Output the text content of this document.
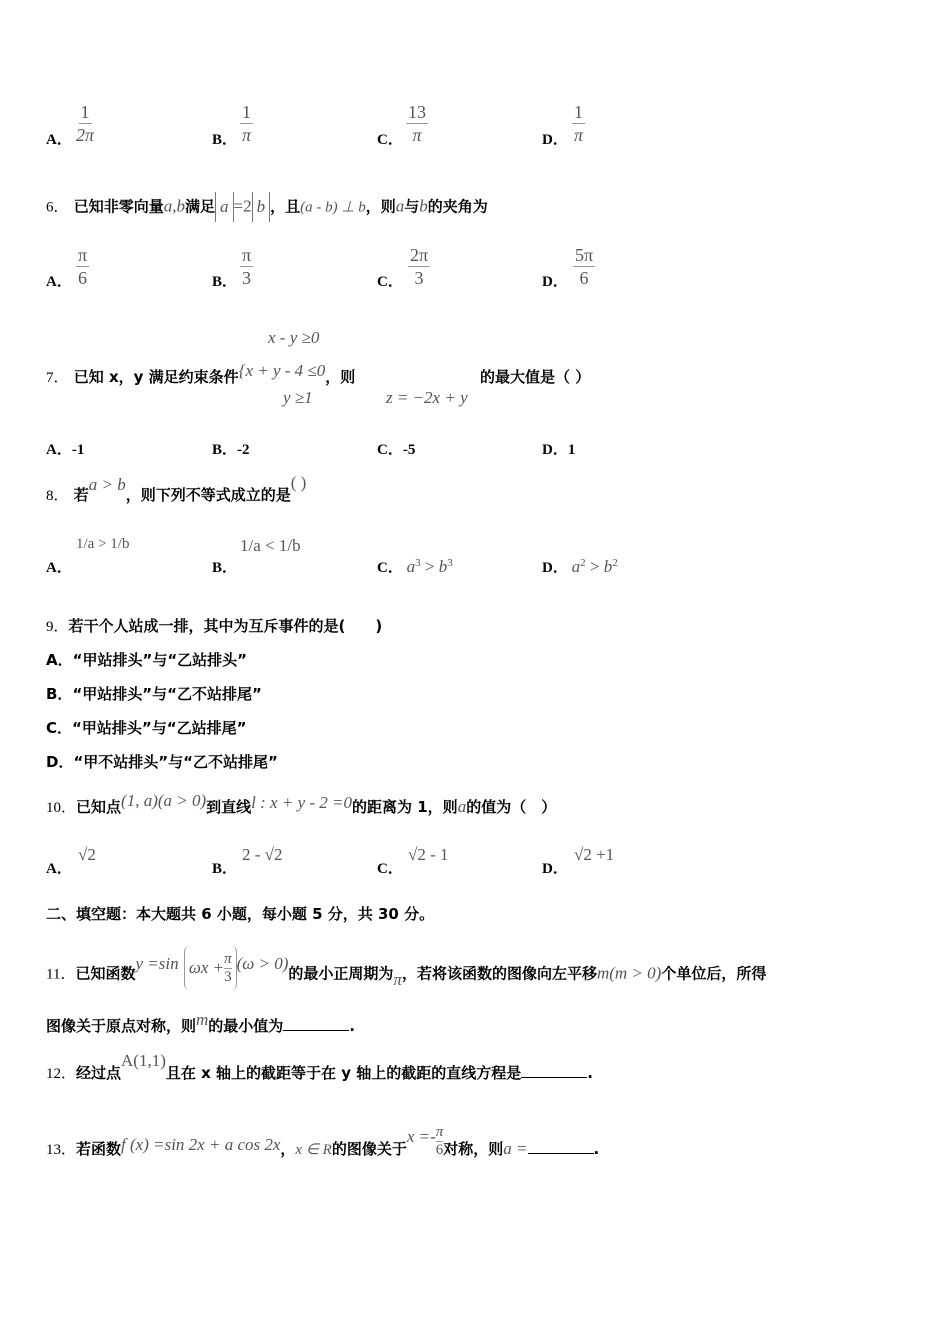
A． $\frac{1}{2\pi}$	B． $\frac{1}{\pi}$	C． $\frac{13}{\pi}$	D． $\frac{1}{\pi}$
6． 已知非零向量a,b满足 a =2 b ，且(a - b) ⊥ b，则a与b的夹角为
A． $\frac{\pi}{6}$	B． $\frac{\pi}{3}$	C． $\frac{2\pi}{3}$	D． $\frac{5\pi}{6}$
x - y ≥0
7． 已知 x，y 满足约束条件{x + y - 4 ≤0，则	的最大值是（ ）
y ≥1	z = −2x + y
A．-1	B．-2	C．-5	D．1
8． 若a > b，则下列不等式成立的是( )
A．
1/a > 1/b
B．
1/a < 1/b
C． $a^3 > b^3$	D． $a^2 > b^2$
9．若干个人站成一排，其中为互斥事件的是(　　)
A．“甲站排头”与“乙站排头”
B．“甲站排头”与“乙不站排尾”
C．“甲站排头”与“乙站排尾”
D．“甲不站排头”与“乙不站排尾”
10．已知点(1, a)(a > 0)到直线l : x + y - 2 =0的距离为 1，则a的值为（　）
A．
√2
B．
2 - √2
C．
√2 - 1
D．
√2 +1
二、填空题：本大题共 6 小题，每小题 5 分，共 30 分。
11．已知函数y =sin $\omega x + \frac{\pi}{3} (\omega > 0)$的最小正周期为π，若将该函数的图像向左平移m(m > 0)个单位后，所得
图像关于原点对称，则m的最小值为	.
12．经过点A(1,1)且在 x 轴上的截距等于在 y 轴上的截距的直线方程是	.
13．若函数f (x) =sin 2x + a cos 2x，x ∈ R的图像关于$x =- \frac{\pi}{6}$ 对称，则a =	.
